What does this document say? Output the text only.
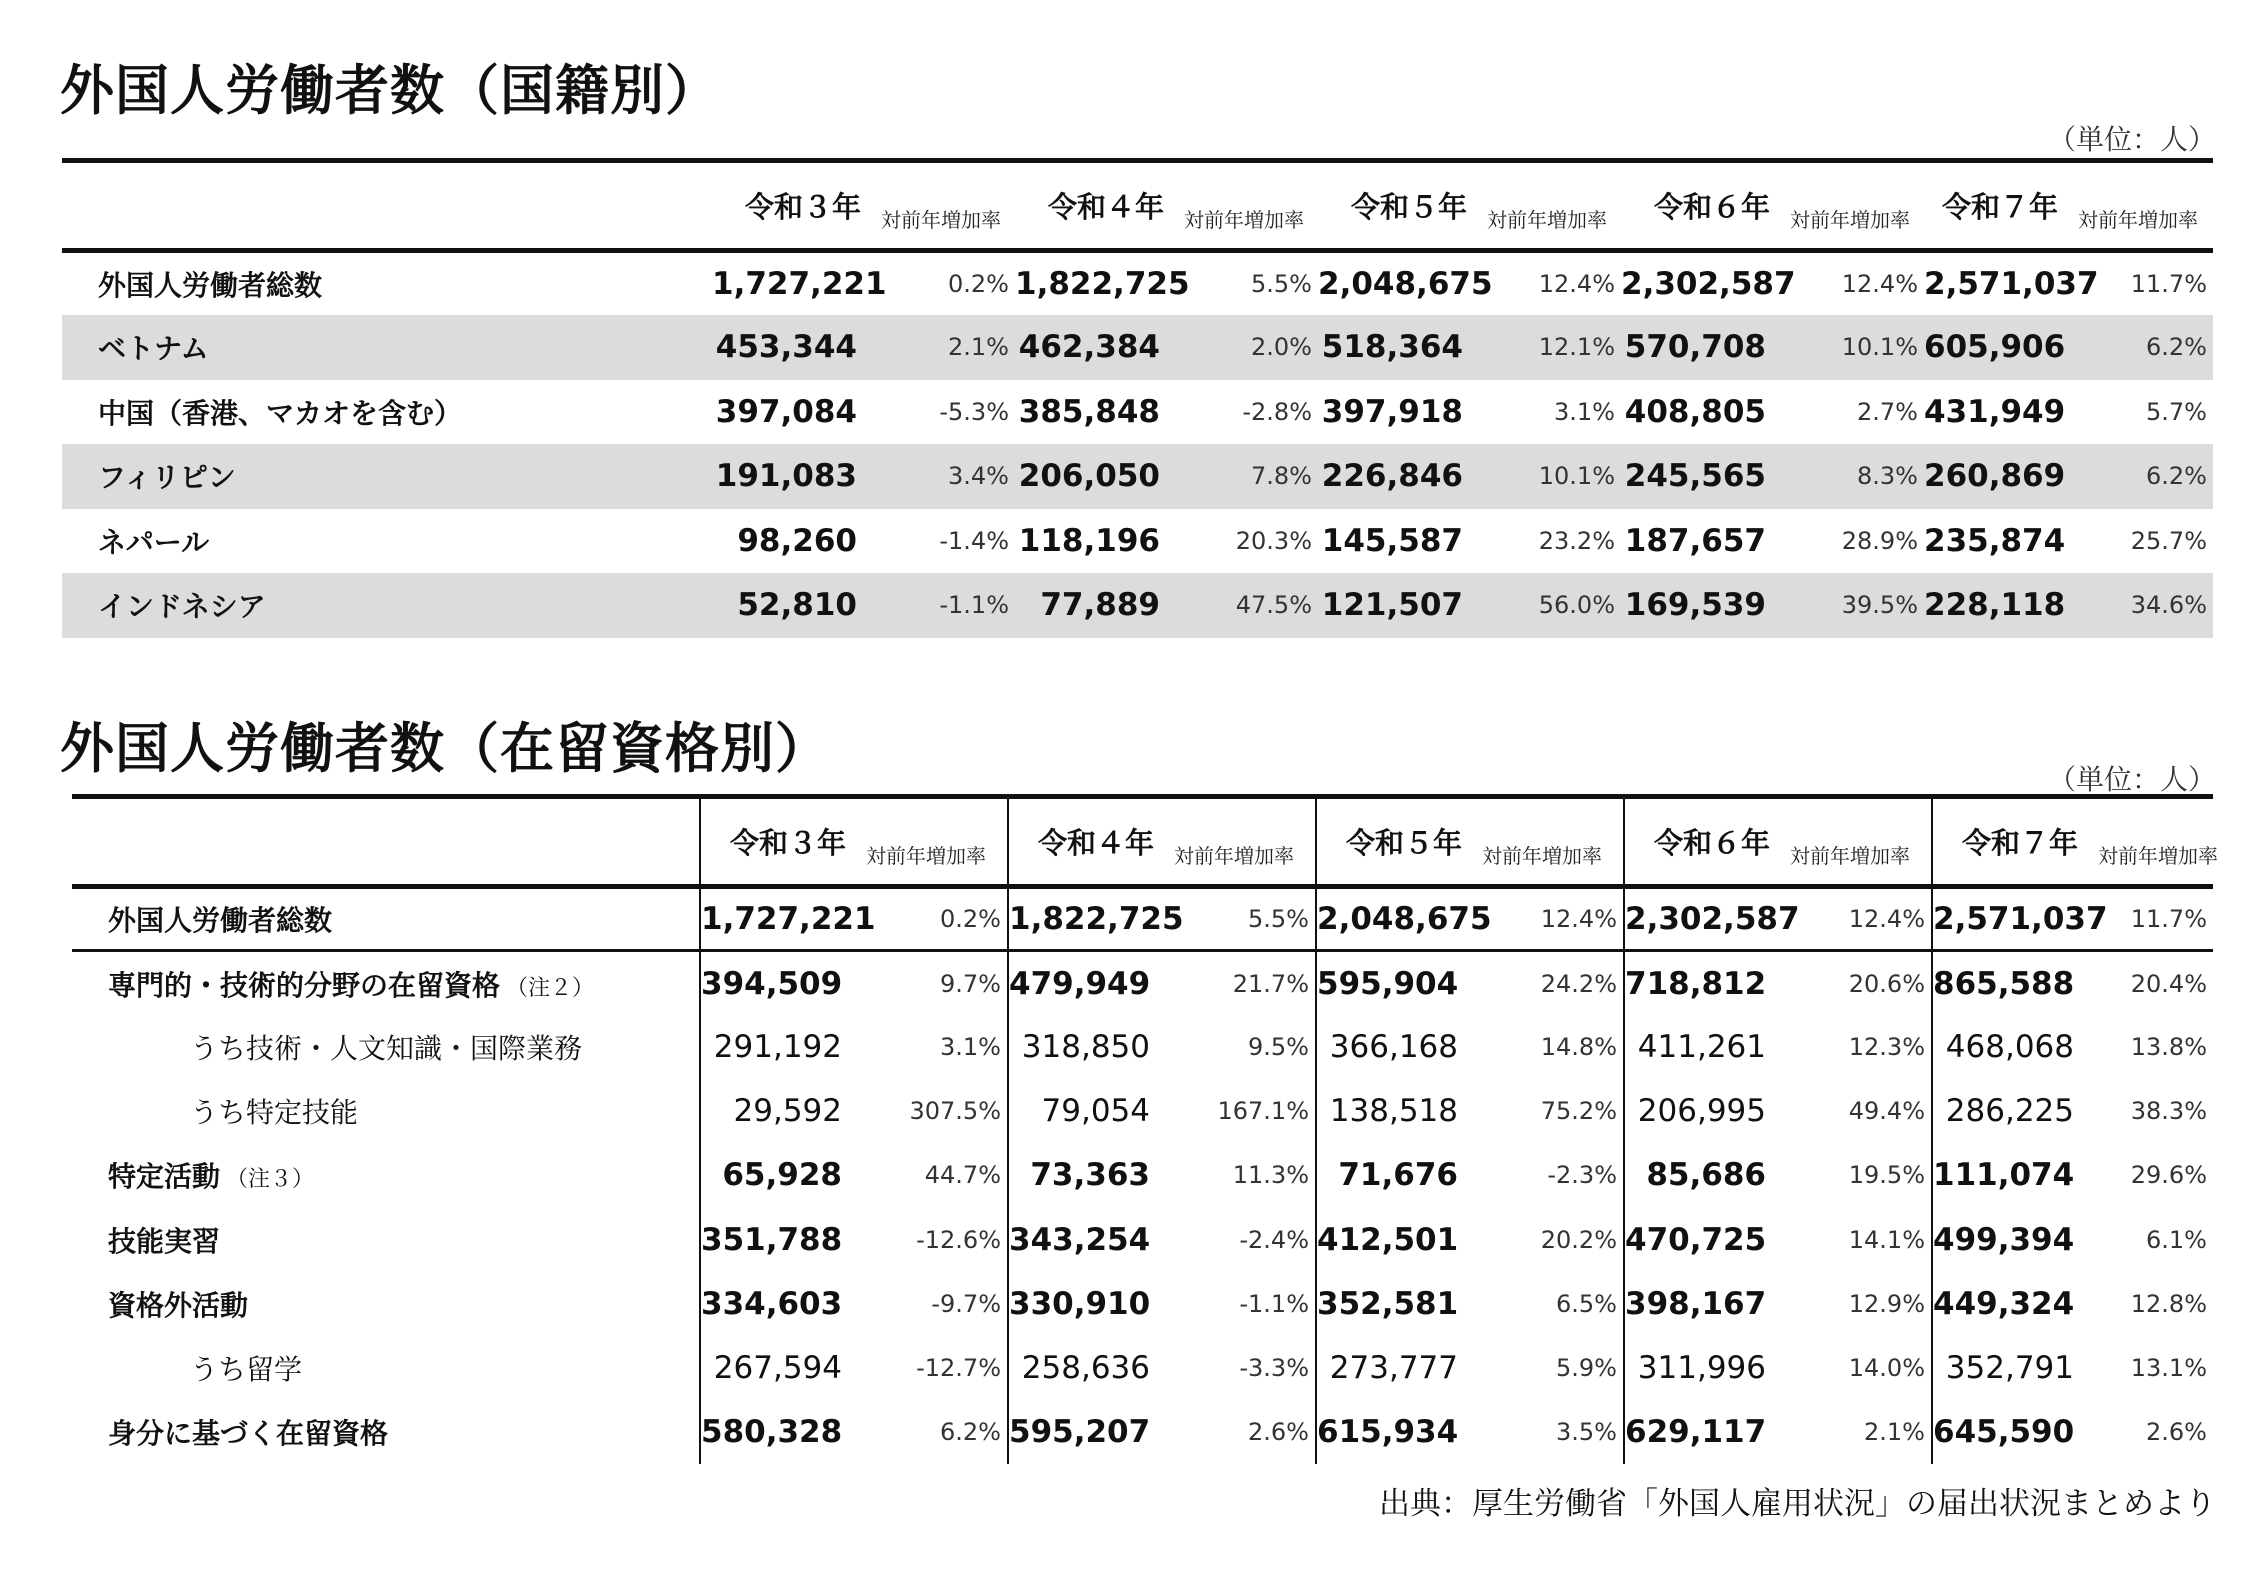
外国人労働者数（国籍別）
（単位：人）
	令和３年	対前年増加率	令和４年	対前年増加率	令和５年	対前年増加率	令和６年	対前年増加率	令和７年	対前年増加率
外国人労働者総数	1,727,221	0.2%	1,822,725	5.5%	2,048,675	12.4%	2,302,587	12.4%	2,571,037	11.7%
ベトナム	453,344	2.1%	462,384	2.0%	518,364	12.1%	570,708	10.1%	605,906	6.2%
中国（香港、マカオを含む）	397,084	-5.3%	385,848	-2.8%	397,918	3.1%	408,805	2.7%	431,949	5.7%
フィリピン	191,083	3.4%	206,050	7.8%	226,846	10.1%	245,565	8.3%	260,869	6.2%
ネパール	98,260	-1.4%	118,196	20.3%	145,587	23.2%	187,657	28.9%	235,874	25.7%
インドネシア	52,810	-1.1%	77,889	47.5%	121,507	56.0%	169,539	39.5%	228,118	34.6%
外国人労働者数（在留資格別）	（単位：人）
	令和３年	対前年増加率	令和４年	対前年増加率	令和５年	対前年増加率	令和６年	対前年増加率	令和７年	対前年増加率
外国人労働者総数	1,727,221	0.2%	1,822,725	5.5%	2,048,675	12.4%	2,302,587	12.4%	2,571,037	11.7%
専門的・技術的分野の在留資格 （注２）	394,509	9.7%	479,949	21.7%	595,904	24.2%	718,812	20.6%	865,588	20.4%
うち技術・人文知識・国際業務	291,192	3.1%	318,850	9.5%	366,168	14.8%	411,261	12.3%	468,068	13.8%
うち特定技能	29,592	307.5%	79,054	167.1%	138,518	75.2%	206,995	49.4%	286,225	38.3%
特定活動 （注３）	65,928	44.7%	73,363	11.3%	71,676	-2.3%	85,686	19.5%	111,074	29.6%
技能実習	351,788	-12.6%	343,254	-2.4%	412,501	20.2%	470,725	14.1%	499,394	6.1%
資格外活動	334,603	-9.7%	330,910	-1.1%	352,581	6.5%	398,167	12.9%	449,324	12.8%
うち留学	267,594	-12.7%	258,636	-3.3%	273,777	5.9%	311,996	14.0%	352,791	13.1%
身分に基づく在留資格	580,328	6.2%	595,207	2.6%	615,934	3.5%	629,117	2.1%	645,590	2.6%
出典：厚生労働省「外国人雇用状況」の届出状況まとめより
